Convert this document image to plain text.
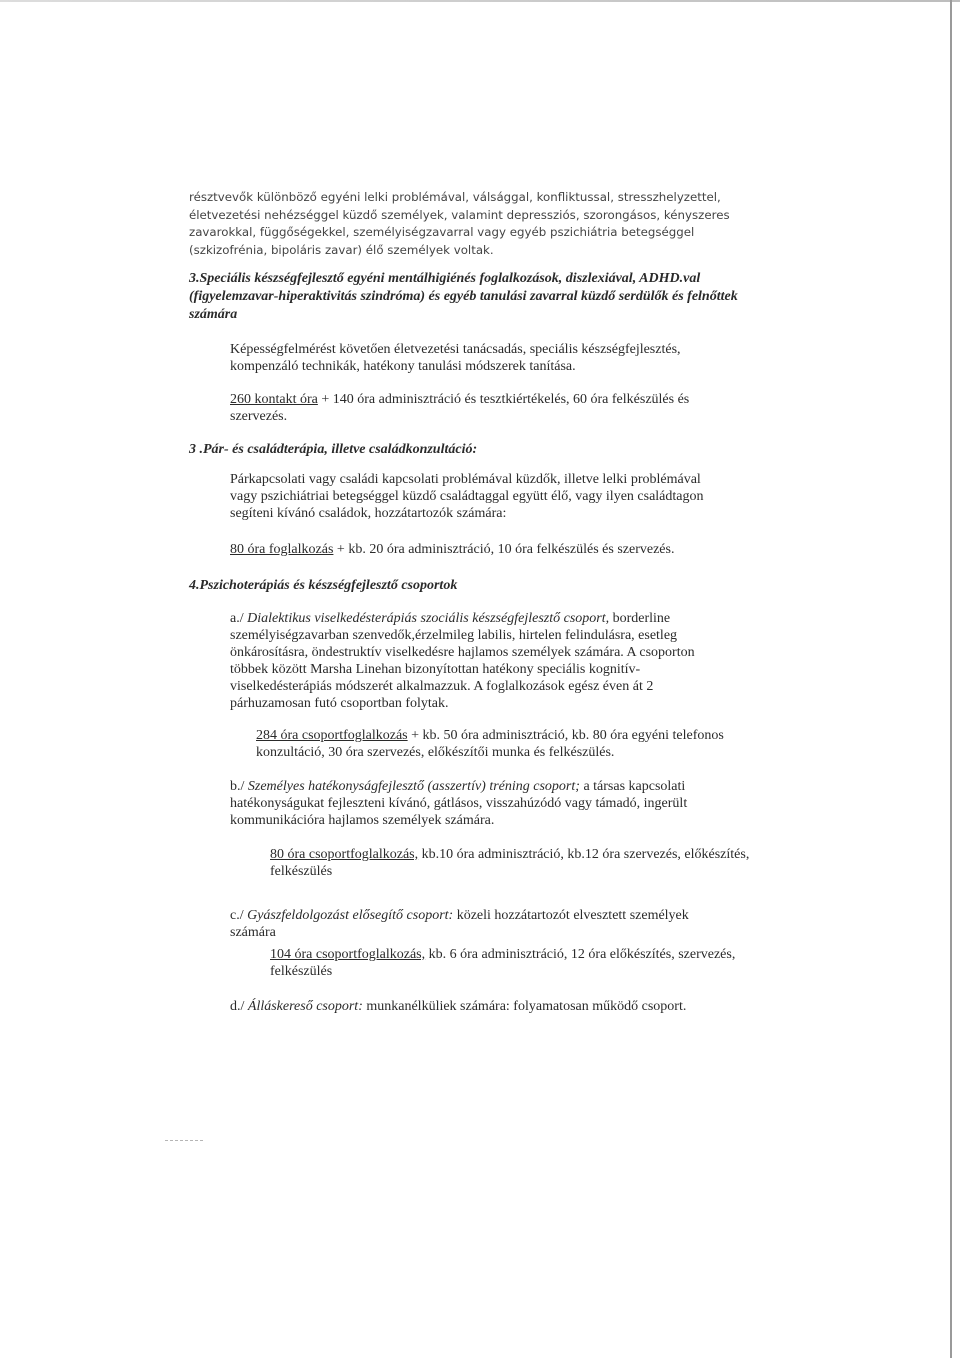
résztvevők különböző egyéni lelki problémával, válsággal, konfliktussal, stresszhelyzettel, életvezetési nehézséggel küzdő személyek, valamint depressziós, szorongásos, kényszeres zavarokkal, függőségekkel, személyiségzavarral vagy egyéb pszichiátria betegséggel (szkizofrénia, bipoláris zavar) élő személyek voltak.
3.Speciális készségfejlesztő egyéni mentálhigiénés foglalkozások, diszlexiával, ADHD.val (figyelemzavar-hiperaktivitás szindróma) és egyéb tanulási zavarral küzdő serdülők és felnőttek számára
Képességfelmérést követően életvezetési tanácsadás, speciális készségfejlesztés, kompenzáló technikák, hatékony tanulási módszerek tanítása.
260 kontakt óra + 140 óra adminisztráció és tesztkiértékelés, 60 óra felkészülés és szervezés.
3 .Pár- és családterápia, illetve családkonzultáció:
Párkapcsolati vagy családi kapcsolati problémával küzdők, illetve lelki problémával vagy pszichiátriai betegséggel küzdő családtaggal együtt élő, vagy ilyen családtagon segíteni kívánó családok, hozzátartozók számára:
80 óra foglalkozás + kb. 20 óra adminisztráció, 10 óra felkészülés és szervezés.
4.Pszichoterápiás és készségfejlesztő csoportok
a./ Dialektikus viselkedésterápiás szociális készségfejlesztő csoport, borderline személyiségzavarban szenvedők,érzelmileg labilis, hirtelen felindulásra, esetleg önkárosításra, öndestruktív viselkedésre hajlamos személyek számára. A csoporton többek között Marsha Linehan bizonyítottan hatékony speciális kognitív-viselkedésterápiás módszerét alkalmazzuk. A foglalkozások egész éven át 2 párhuzamosan futó csoportban folytak.
284 óra csoportfoglalkozás + kb. 50 óra adminisztráció, kb. 80 óra egyéni telefonos konzultáció, 30 óra szervezés, előkészítői munka és felkészülés.
b./ Személyes hatékonyságfejlesztő (asszertív) tréning csoport; a társas kapcsolati hatékonyságukat fejleszteni kívánó, gátlásos, visszahúzódó vagy támadó, ingerült kommunikációra hajlamos személyek számára.
80 óra csoportfoglalkozás, kb.10 óra adminisztráció, kb.12 óra szervezés, előkészítés, felkészülés
c./ Gyászfeldolgozást elősegítő csoport: közeli hozzátartozót elvesztett személyek számára
104 óra csoportfoglalkozás, kb. 6 óra adminisztráció, 12 óra előkészítés, szervezés, felkészülés
d./ Álláskereső csoport: munkanélküliek számára: folyamatosan működő csoport.
